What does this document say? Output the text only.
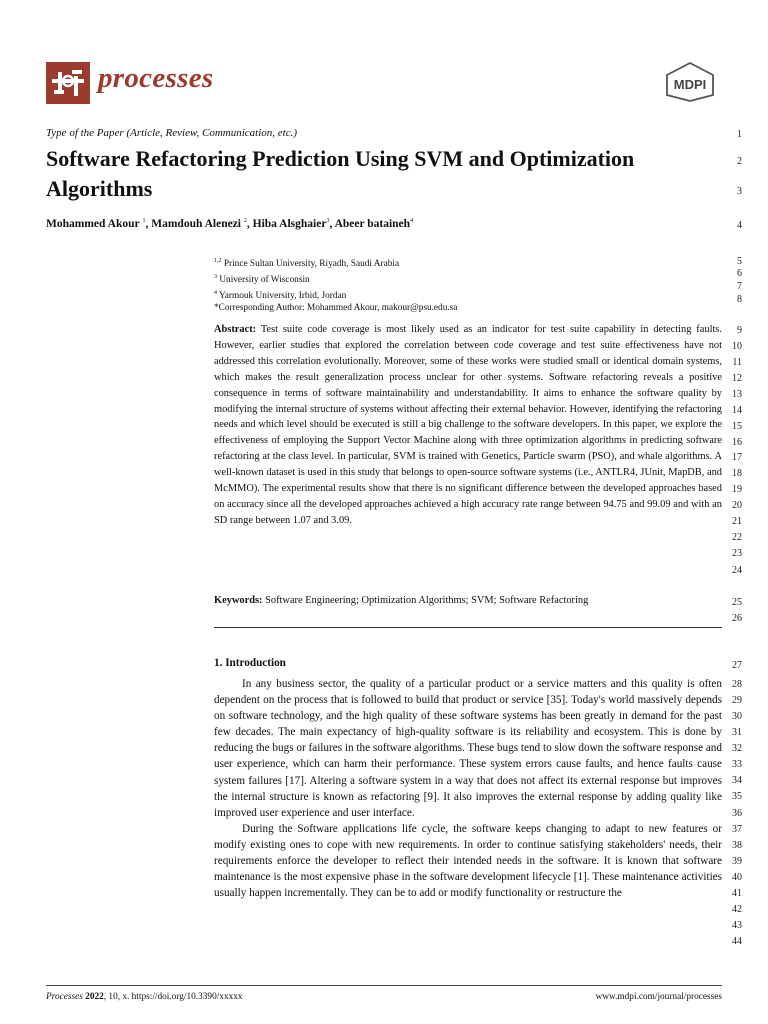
processes	MDPI
1
2
3
4
5
6
7
8
9
10
11
12
13
14
15
16
17
18
19
20
21
22
23
24
25
26
27
28
29
30
31
32
33
34
35
36
37
38
39
40
41
42
43
44
Type of the Paper (Article, Review, Communication, etc.)
Software Refactoring Prediction Using SVM and Optimization
Algorithms
Mohammed Akour $^1$, Mamdouh Alenezi $^2$, Hiba Alsghaier$^3$, Abeer bataineh$^4$
$^{1,2}$ Prince Sultan University, Riyadh, Saudi Arabia
$^3$ University of Wisconsin
$^4$ Yarmouk University, Irbid, Jordan
*Corresponding Author: Mohammed Akour, makour@psu.edu.sa
Abstract: Test suite code coverage is most likely used as an indicator for test suite capability in detecting faults. However, earlier studies that explored the correlation between code coverage and test suite effectiveness have not addressed this correlation evolutionally. Moreover, some of these works were studied small or identical domain systems, which makes the result generalization process unclear for other systems. Software refactoring reveals a positive consequence in terms of software maintainability and understandability. It aims to enhance the software quality by modifying the internal structure of systems without affecting their external behavior. However, identifying the refactoring needs and which level should be executed is still a big challenge to the software developers. In this paper, we explore the effectiveness of employing the Support Vector Machine along with three optimization algorithms in predicting software refactoring at the class level. In particular, SVM is trained with Genetics, Particle swarm (PSO), and whale algorithms. A well-known dataset is used in this study that belongs to open-source software systems (i.e., ANTLR4, JUnit, MapDB, and McMMO). The experimental results show that there is no significant difference between the developed approaches based on accuracy since all the developed approaches achieved a high accuracy rate range between 94.75 and 99.09 and with an SD range between 1.07 and 3.09.
Keywords: Software Engineering; Optimization Algorithms; SVM; Software Refactoring
1. Introduction

In any business sector, the quality of a particular product or a service matters and this quality is often dependent on the process that is followed to build that product or service [35]. Today's world massively depends on software technology, and the high quality of these software systems has been greatly in demand for the past few decades. The main expectancy of high-quality software is its reliability and ecosystem. This is done by reducing the bugs or failures in the software algorithms. These bugs tend to slow down the software response and user experience, which can harm their performance. These system errors cause faults, and hence faults cause system failures [17]. Altering a software system in a way that does not affect its external response but improves the internal structure is known as refactoring [9]. It also improves the external response by adding quality like improved user experience and user interface.

During the Software applications life cycle, the software keeps changing to adapt to new features or modify existing ones to cope with new requirements. In order to continue satisfying stakeholders' needs, their requirements enforce the developer to reflect their intended needs in the software. It is known that software maintenance is the most expensive phase in the software development lifecycle [1]. These maintenance activities usually happen incrementally. They can be to add or modify functionality or restructure the

Processes 2022, 10, x. https://doi.org/10.3390/xxxxx	www.mdpi.com/journal/processes
